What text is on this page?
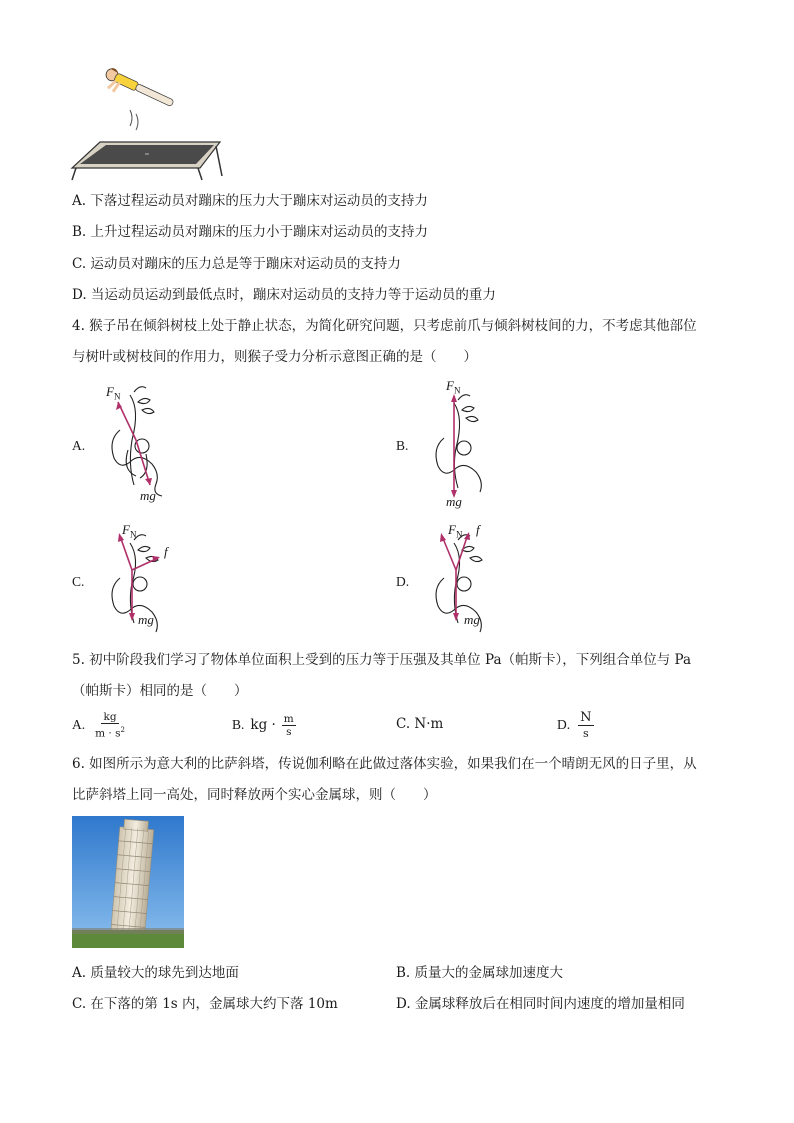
A. 下落过程运动员对蹦床的压力大于蹦床对运动员的支持力
B. 上升过程运动员对蹦床的压力小于蹦床对运动员的支持力
C. 运动员对蹦床的压力总是等于蹦床对运动员的支持力
D. 当运动员运动到最低点时，蹦床对运动员的支持力等于运动员的重力
4. 猴子吊在倾斜树枝上处于静止状态，为简化研究问题，只考虑前爪与倾斜树枝间的力，不考虑其他部位
与树叶或树枝间的作用力，则猴子受力分析示意图正确的是（　　）
A.
$F_N$
mg
B.
$F_N$
mg
C.
$F_N$
f
mg
D.
$F_N$ f
mg
5. 初中阶段我们学习了物体单位面积上受到的压力等于压强及其单位 Pa（帕斯卡），下列组合单位与 Pa
（帕斯卡）相同的是（　　）
A. $\frac{kg}{m \cdot s^2}$	B. kg · $\frac{m}{s}$	C. N·m	D. $\frac{N}{s}$
6. 如图所示为意大利的比萨斜塔，传说伽利略在此做过落体实验，如果我们在一个晴朗无风的日子里，从
比萨斜塔上同一高处，同时释放两个实心金属球，则（　　）
A. 质量较大的球先到达地面	B. 质量大的金属球加速度大
C. 在下落的第 1s 内，金属球大约下落 10m	D. 金属球释放后在相同时间内速度的增加量相同
